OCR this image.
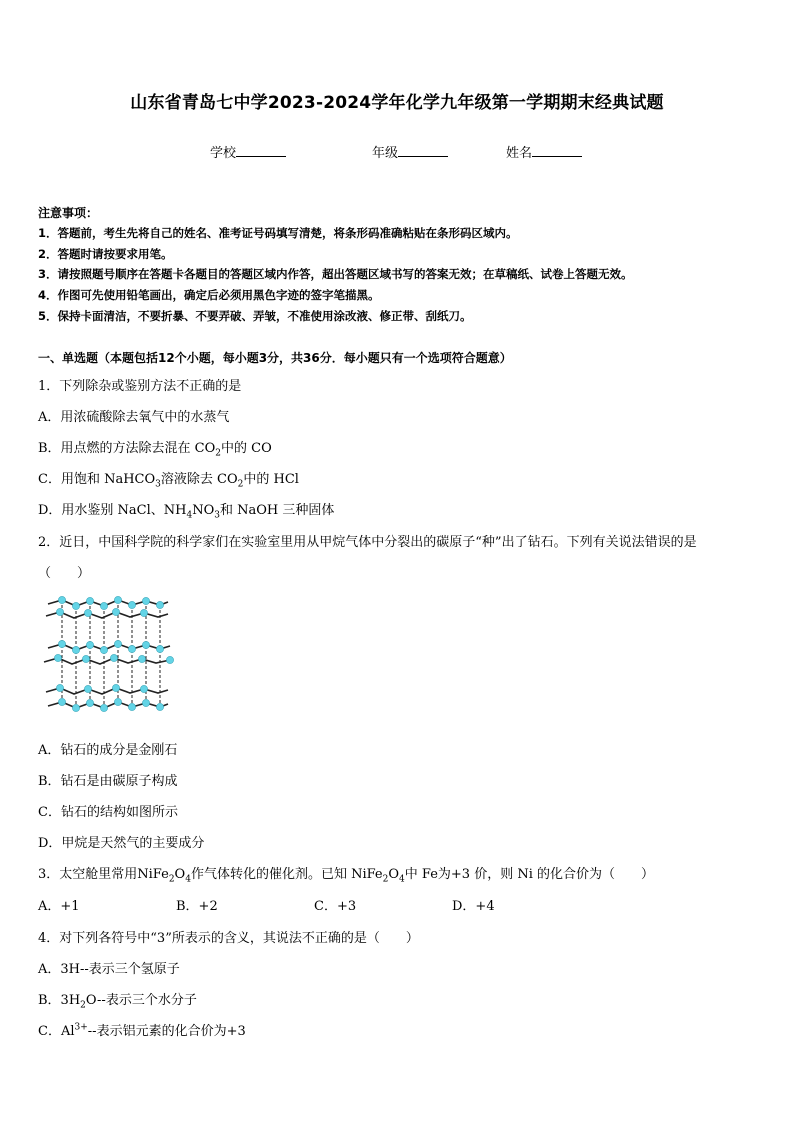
山东省青岛七中学2023-2024学年化学九年级第一学期期末经典试题
学校	年级	姓名
注意事项：
1．答题前，考生先将自己的姓名、准考证号码填写清楚，将条形码准确粘贴在条形码区域内。
2．答题时请按要求用笔。
3．请按照题号顺序在答题卡各题目的答题区域内作答，超出答题区域书写的答案无效；在草稿纸、试卷上答题无效。
4．作图可先使用铅笔画出，确定后必须用黑色字迹的签字笔描黑。
5．保持卡面清洁，不要折暴、不要弄破、弄皱，不准使用涂改液、修正带、刮纸刀。
一、单选题（本题包括12个小题，每小题3分，共36分．每小题只有一个选项符合题意）
1．下列除杂或鉴别方法不正确的是
A．用浓硫酸除去氧气中的水蒸气
B．用点燃的方法除去混在 $CO_2$中的 CO
C．用饱和 NaHCO$_3$溶液除去 $CO_2$中的 HCl
D．用水鉴别 NaCl、$NH_4NO_3$和 NaOH 三种固体
2．近日，中国科学院的科学家们在实验室里用从甲烷气体中分裂出的碳原子“种”出了钻石。下列有关说法错误的是
（　　）
A．钻石的成分是金刚石
B．钻石是由碳原子构成
C．钻石的结构如图所示
D．甲烷是天然气的主要成分
3．太空舱里常用$NiFe_2O_4$作气体转化的催化剂。已知 $NiFe_2O_4$中 Fe为+3 价，则 Ni 的化合价为（　　）
A．+1	B．+2	C．+3	D．+4
4．对下列各符号中“3”所表示的含义，其说法不正确的是（　　）
A．3H--表示三个氢原子
B．$3H_2O--$表示三个水分子
C．$Al^{3+}--$表示铝元素的化合价为+3
